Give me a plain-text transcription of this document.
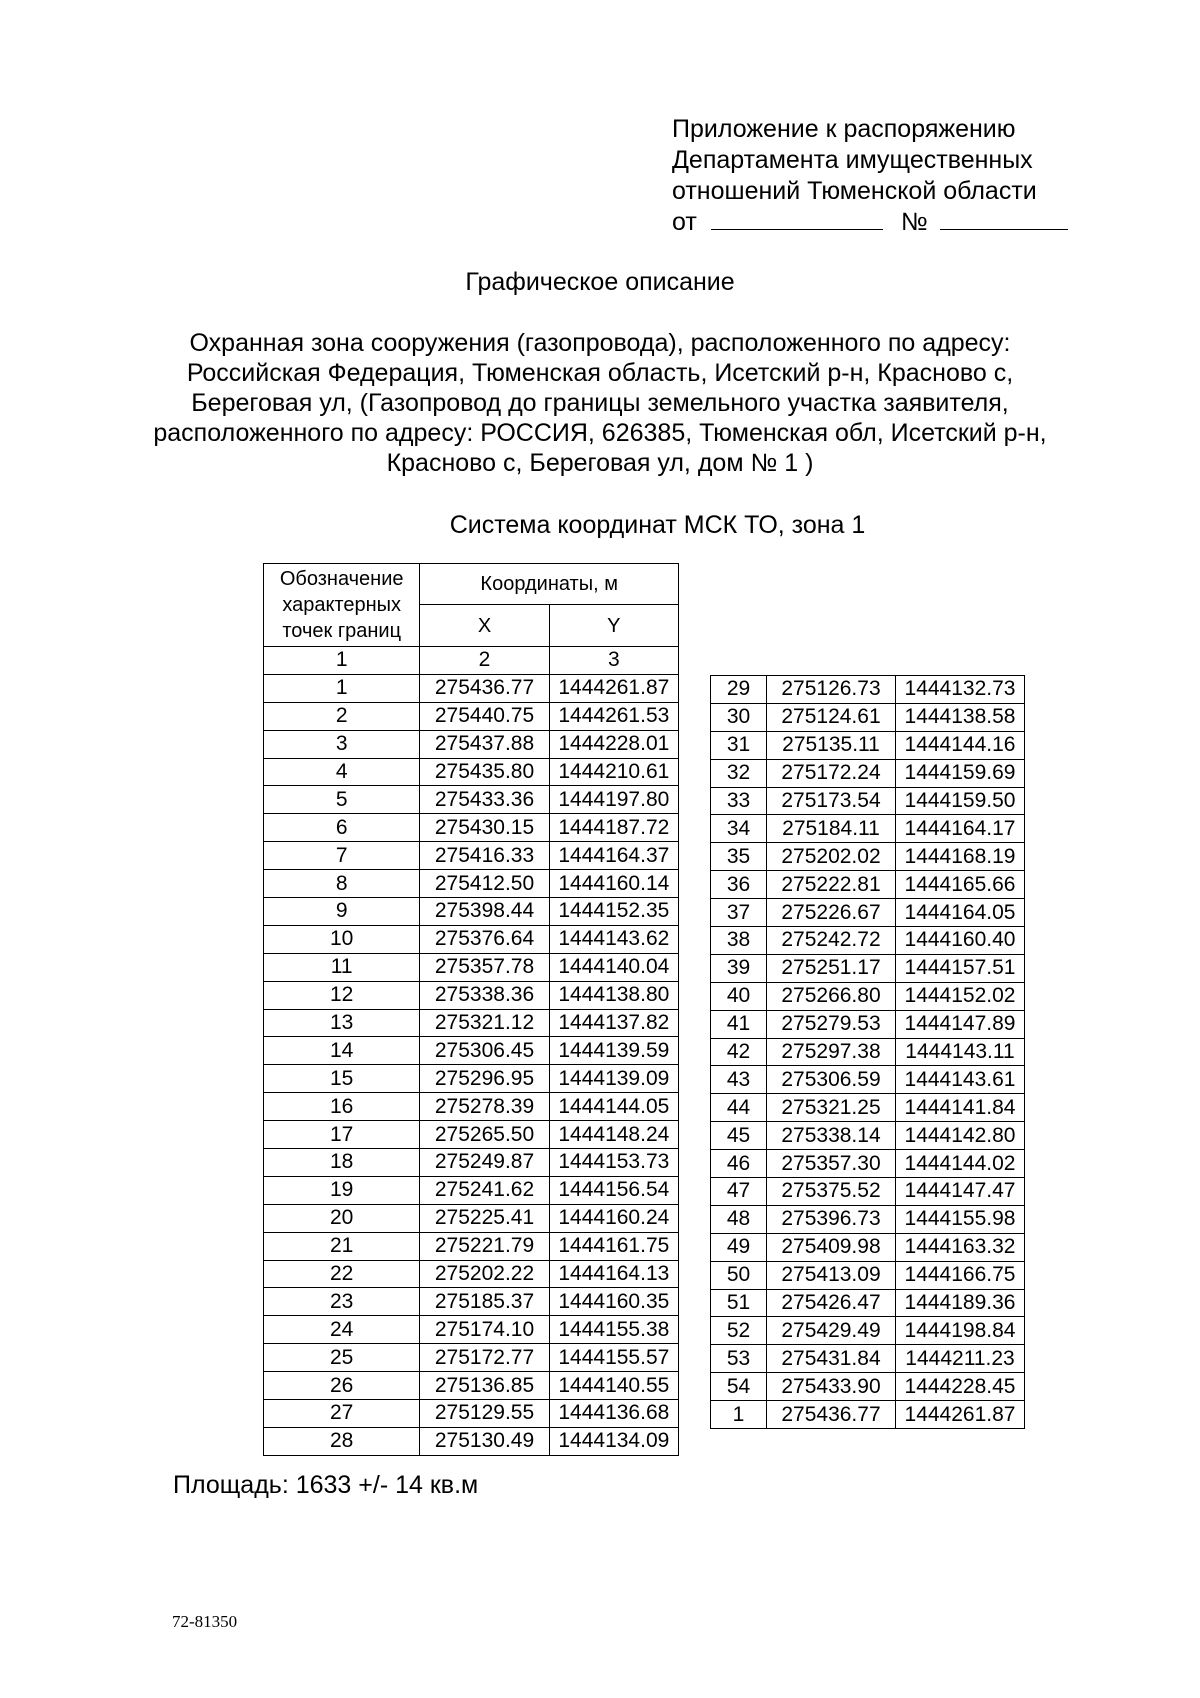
Приложение к распоряжению
Департамента имущественных
отношений Тюменской области
от	№
Графическое описание
Охранная зона сооружения (газопровода), расположенного по адресу:
Российская Федерация, Тюменская область, Исетский р-н, Красново с,
Береговая ул, (Газопровод до границы земельного участка заявителя,
расположенного по адресу: РОССИЯ, 626385, Тюменская обл, Исетский р-н,
Красново с, Береговая ул, дом № 1 )
Система координат МСК ТО, зона 1
Обозначение характерных точек границ	Координаты, м	
	X	Y
1	2	3
1	275436.77	1444261.87
2	275440.75	1444261.53
3	275437.88	1444228.01
4	275435.80	1444210.61
5	275433.36	1444197.80
6	275430.15	1444187.72
7	275416.33	1444164.37
8	275412.50	1444160.14
9	275398.44	1444152.35
10	275376.64	1444143.62
11	275357.78	1444140.04
12	275338.36	1444138.80
13	275321.12	1444137.82
14	275306.45	1444139.59
15	275296.95	1444139.09
16	275278.39	1444144.05
17	275265.50	1444148.24
18	275249.87	1444153.73
19	275241.62	1444156.54
20	275225.41	1444160.24
21	275221.79	1444161.75
22	275202.22	1444164.13
23	275185.37	1444160.35
24	275174.10	1444155.38
25	275172.77	1444155.57
26	275136.85	1444140.55
27	275129.55	1444136.68
28	275130.49	1444134.09
29	275126.73	1444132.73
30	275124.61	1444138.58
31	275135.11	1444144.16
32	275172.24	1444159.69
33	275173.54	1444159.50
34	275184.11	1444164.17
35	275202.02	1444168.19
36	275222.81	1444165.66
37	275226.67	1444164.05
38	275242.72	1444160.40
39	275251.17	1444157.51
40	275266.80	1444152.02
41	275279.53	1444147.89
42	275297.38	1444143.11
43	275306.59	1444143.61
44	275321.25	1444141.84
45	275338.14	1444142.80
46	275357.30	1444144.02
47	275375.52	1444147.47
48	275396.73	1444155.98
49	275409.98	1444163.32
50	275413.09	1444166.75
51	275426.47	1444189.36
52	275429.49	1444198.84
53	275431.84	1444211.23
54	275433.90	1444228.45
1	275436.77	1444261.87
Площадь: 1633 +/- 14 кв.м
72-81350
